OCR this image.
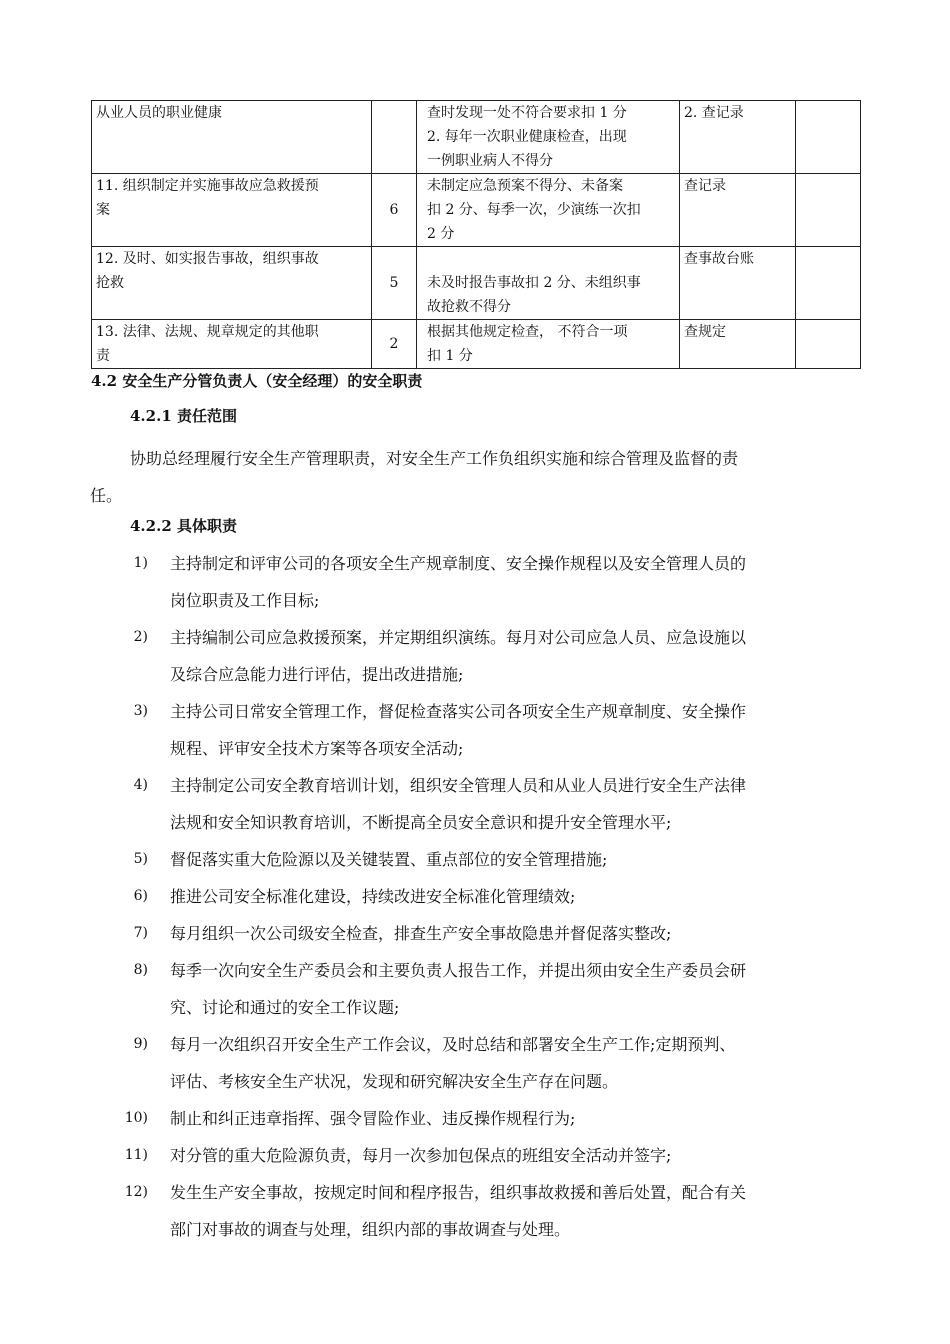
从业人员的职业健康		查时发现一处不符合要求扣 1 分
2. 每年一次职业健康检查，出现
一例职业病人不得分	2. 查记录	

11. 组织制定并实施事故应急救援预
案	6	未制定应急预案不得分、未备案
扣 2 分、每季一次，少演练一次扣
2 分	查记录	

12. 及时、如实报告事故，组织事故
抢救	5	未及时报告事故扣 2 分、未组织事
故抢救不得分	查事故台账	

13. 法律、法规、规章规定的其他职
责	2	根据其他规定检查， 不符合一项
扣 1 分	查规定	
4.2 安全生产分管负责人（安全经理）的安全职责
4.2.1 责任范围
协助总经理履行安全生产管理职责，对安全生产工作负组织实施和综合管理及监督的责
任。
4.2.2 具体职责
1) 主持制定和评审公司的各项安全生产规章制度、安全操作规程以及安全管理人员的
岗位职责及工作目标;
2) 主持编制公司应急救援预案，并定期组织演练。每月对公司应急人员、应急设施以
及综合应急能力进行评估，提出改进措施;
3) 主持公司日常安全管理工作，督促检查落实公司各项安全生产规章制度、安全操作
规程、评审安全技术方案等各项安全活动;
4) 主持制定公司安全教育培训计划，组织安全管理人员和从业人员进行安全生产法律
法规和安全知识教育培训，不断提高全员安全意识和提升安全管理水平;
5) 督促落实重大危险源以及关键装置、重点部位的安全管理措施;
6) 推进公司安全标准化建设，持续改进安全标准化管理绩效;
7) 每月组织一次公司级安全检查，排查生产安全事故隐患并督促落实整改;
8) 每季一次向安全生产委员会和主要负责人报告工作，并提出须由安全生产委员会研
究、讨论和通过的安全工作议题;
9) 每月一次组织召开安全生产工作会议，及时总结和部署安全生产工作;定期预判、
评估、考核安全生产状况，发现和研究解决安全生产存在问题。
10) 制止和纠正违章指挥、强令冒险作业、违反操作规程行为;
11) 对分管的重大危险源负责，每月一次参加包保点的班组安全活动并签字;
12) 发生生产安全事故，按规定时间和程序报告，组织事故救援和善后处置，配合有关
部门对事故的调查与处理，组织内部的事故调查与处理。
